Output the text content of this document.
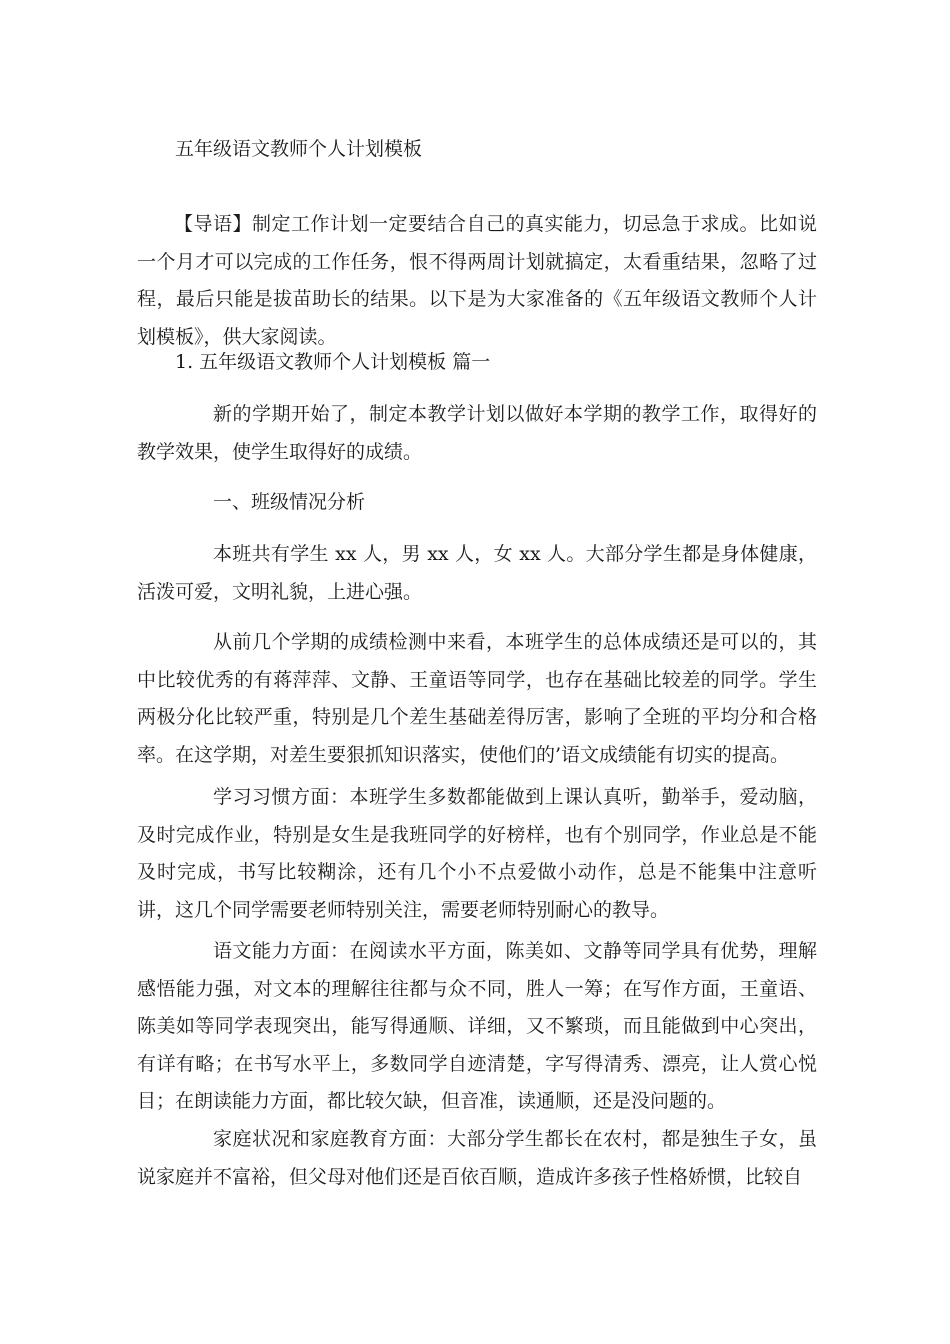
五年级语文教师个人计划模板

【导语】制定工作计划一定要结合自己的真实能力，切忌急于求成。比如说一个月才可以完成的工作任务，恨不得两周计划就搞定，太看重结果，忽略了过程，最后只能是拔苗助长的结果。以下是为大家准备的《五年级语文教师个人计划模板》，供大家阅读。

1. 五年级语文教师个人计划模板 篇一

新的学期开始了，制定本教学计划以做好本学期的教学工作，取得好的教学效果，使学生取得好的成绩。

一、班级情况分析

本班共有学生 xx 人，男 xx 人，女 xx 人。大部分学生都是身体健康，活泼可爱，文明礼貌，上进心强。

从前几个学期的成绩检测中来看，本班学生的总体成绩还是可以的，其中比较优秀的有蒋萍萍、文静、王童语等同学，也存在基础比较差的同学。学生两极分化比较严重，特别是几个差生基础差得厉害，影响了全班的平均分和合格率。在这学期，对差生要狠抓知识落实，使他们的’语文成绩能有切实的提高。

学习习惯方面：本班学生多数都能做到上课认真听，勤举手，爱动脑，及时完成作业，特别是女生是我班同学的好榜样，也有个别同学，作业总是不能及时完成，书写比较糊涂，还有几个小不点爱做小动作，总是不能集中注意听讲，这几个同学需要老师特别关注，需要老师特别耐心的教导。

语文能力方面：在阅读水平方面，陈美如、文静等同学具有优势，理解感悟能力强，对文本的理解往往都与众不同，胜人一筹；在写作方面，王童语、陈美如等同学表现突出，能写得通顺、详细，又不繁琐，而且能做到中心突出，有详有略；在书写水平上，多数同学自迹清楚，字写得清秀、漂亮，让人赏心悦目；在朗读能力方面，都比较欠缺，但音准，读通顺，还是没问题的。

家庭状况和家庭教育方面：大部分学生都长在农村，都是独生子女，虽说家庭并不富裕，但父母对他们还是百依百顺，造成许多孩子性格娇惯，比较自
